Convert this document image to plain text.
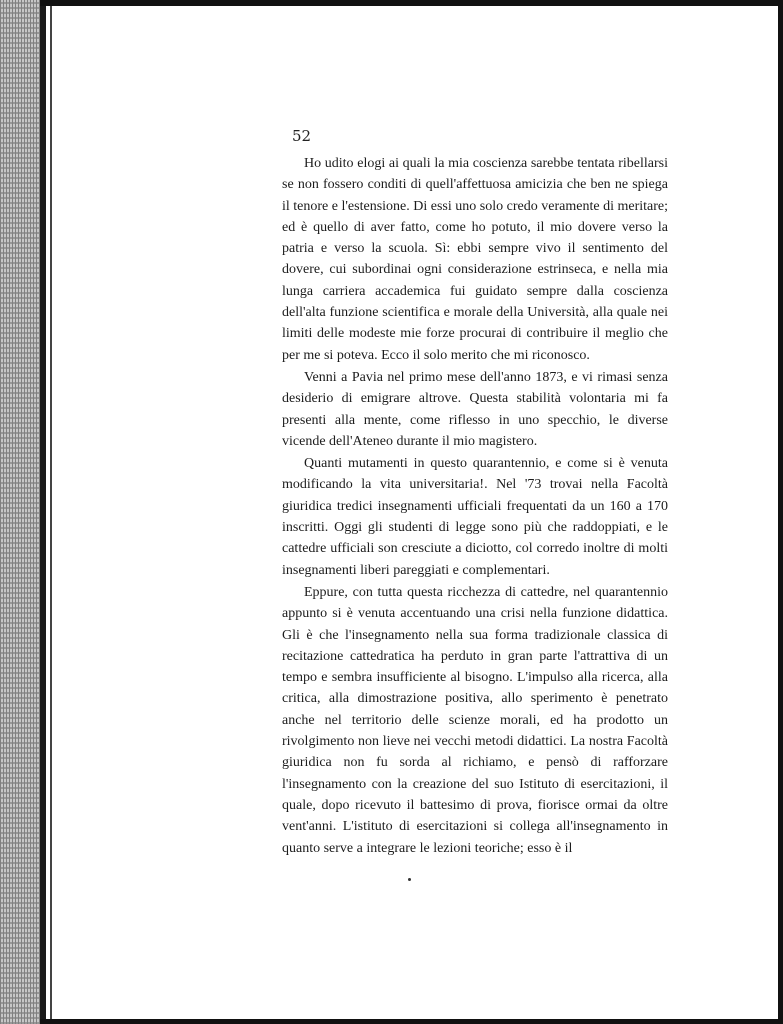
52

Ho udito elogi ai quali la mia coscienza sarebbe tentata ribellarsi se non fossero conditi di quell'affettuosa amicizia che ben ne spiega il tenore e l'estensione. Di essi uno solo credo veramente di meritare; ed è quello di aver fatto, come ho potuto, il mio dovere verso la patria e verso la scuola. Sì: ebbi sempre vivo il sentimento del dovere, cui subordinai ogni considerazione estrinseca, e nella mia lunga carriera accademica fui guidato sempre dalla coscienza dell'alta funzione scientifica e morale della Università, alla quale nei limiti delle modeste mie forze procurai di contribuire il meglio che per me si poteva. Ecco il solo merito che mi riconosco.

Venni a Pavia nel primo mese dell'anno 1873, e vi rimasi senza desiderio di emigrare altrove. Questa stabilità volontaria mi fa presenti alla mente, come riflesso in uno specchio, le diverse vicende dell'Ateneo durante il mio magistero.

Quanti mutamenti in questo quarantennio, e come si è venuta modificando la vita universitaria!. Nel '73 trovai nella Facoltà giuridica tredici insegnamenti ufficiali frequentati da un 160 a 170 inscritti. Oggi gli studenti di legge sono più che raddoppiati, e le cattedre ufficiali son cresciute a diciotto, col corredo inoltre di molti insegnamenti liberi pareggiati e complementari.

Eppure, con tutta questa ricchezza di cattedre, nel quarantennio appunto si è venuta accentuando una crisi nella funzione didattica. Gli è che l'insegnamento nella sua forma tradizionale classica di recitazione cattedratica ha perduto in gran parte l'attrattiva di un tempo e sembra insufficiente al bisogno. L'impulso alla ricerca, alla critica, alla dimostrazione positiva, allo sperimento è penetrato anche nel territorio delle scienze morali, ed ha prodotto un rivolgimento non lieve nei vecchi metodi didattici. La nostra Facoltà giuridica non fu sorda al richiamo, e pensò di rafforzare l'insegnamento con la creazione del suo Istituto di esercitazioni, il quale, dopo ricevuto il battesimo di prova, fiorisce ormai da oltre vent'anni. L'istituto di esercitazioni si collega all'insegnamento in quanto serve a integrare le lezioni teoriche; esso è il
